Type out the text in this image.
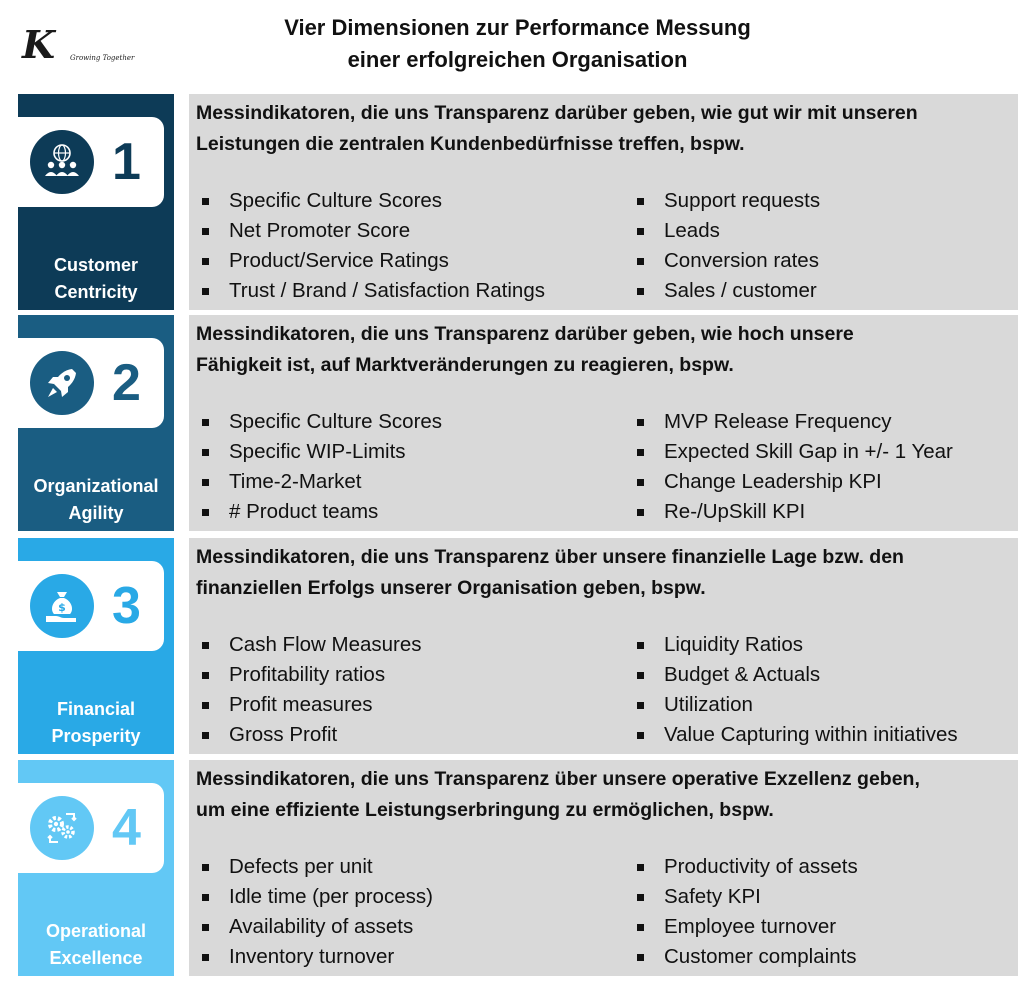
K	Growing Together
Vier Dimensionen zur Performance Messung
einer erfolgreichen Organisation
1
Customer
Centricity
Messindikatoren, die uns Transparenz darüber geben, wie gut wir mit unseren
Leistungen die zentralen Kundenbedürfnisse treffen, bspw.
Specific Culture Scores
Net Promoter Score
Product/Service Ratings
Trust / Brand / Satisfaction Ratings
Support requests
Leads
Conversion rates
Sales / customer
2
Organizational
Agility
Messindikatoren, die uns Transparenz darüber geben, wie hoch unsere
Fähigkeit ist, auf Marktveränderungen zu reagieren, bspw.
Specific Culture Scores
Specific WIP-Limits
Time-2-Market
# Product teams
MVP Release Frequency
Expected Skill Gap in +/- 1 Year
Change Leadership KPI
Re-/UpSkill KPI
$ 3
Financial
Prosperity
Messindikatoren, die uns Transparenz über unsere finanzielle Lage bzw. den
finanziellen Erfolgs unserer Organisation geben, bspw.
Cash Flow Measures
Profitability ratios
Profit measures
Gross Profit
Liquidity Ratios
Budget & Actuals
Utilization
Value Capturing within initiatives
4
Operational
Excellence
Messindikatoren, die uns Transparenz über unsere operative Exzellenz geben,
um eine effiziente Leistungserbringung zu ermöglichen, bspw.
Defects per unit
Idle time (per process)
Availability of assets
Inventory turnover
Productivity of assets
Safety KPI
Employee turnover
Customer complaints
